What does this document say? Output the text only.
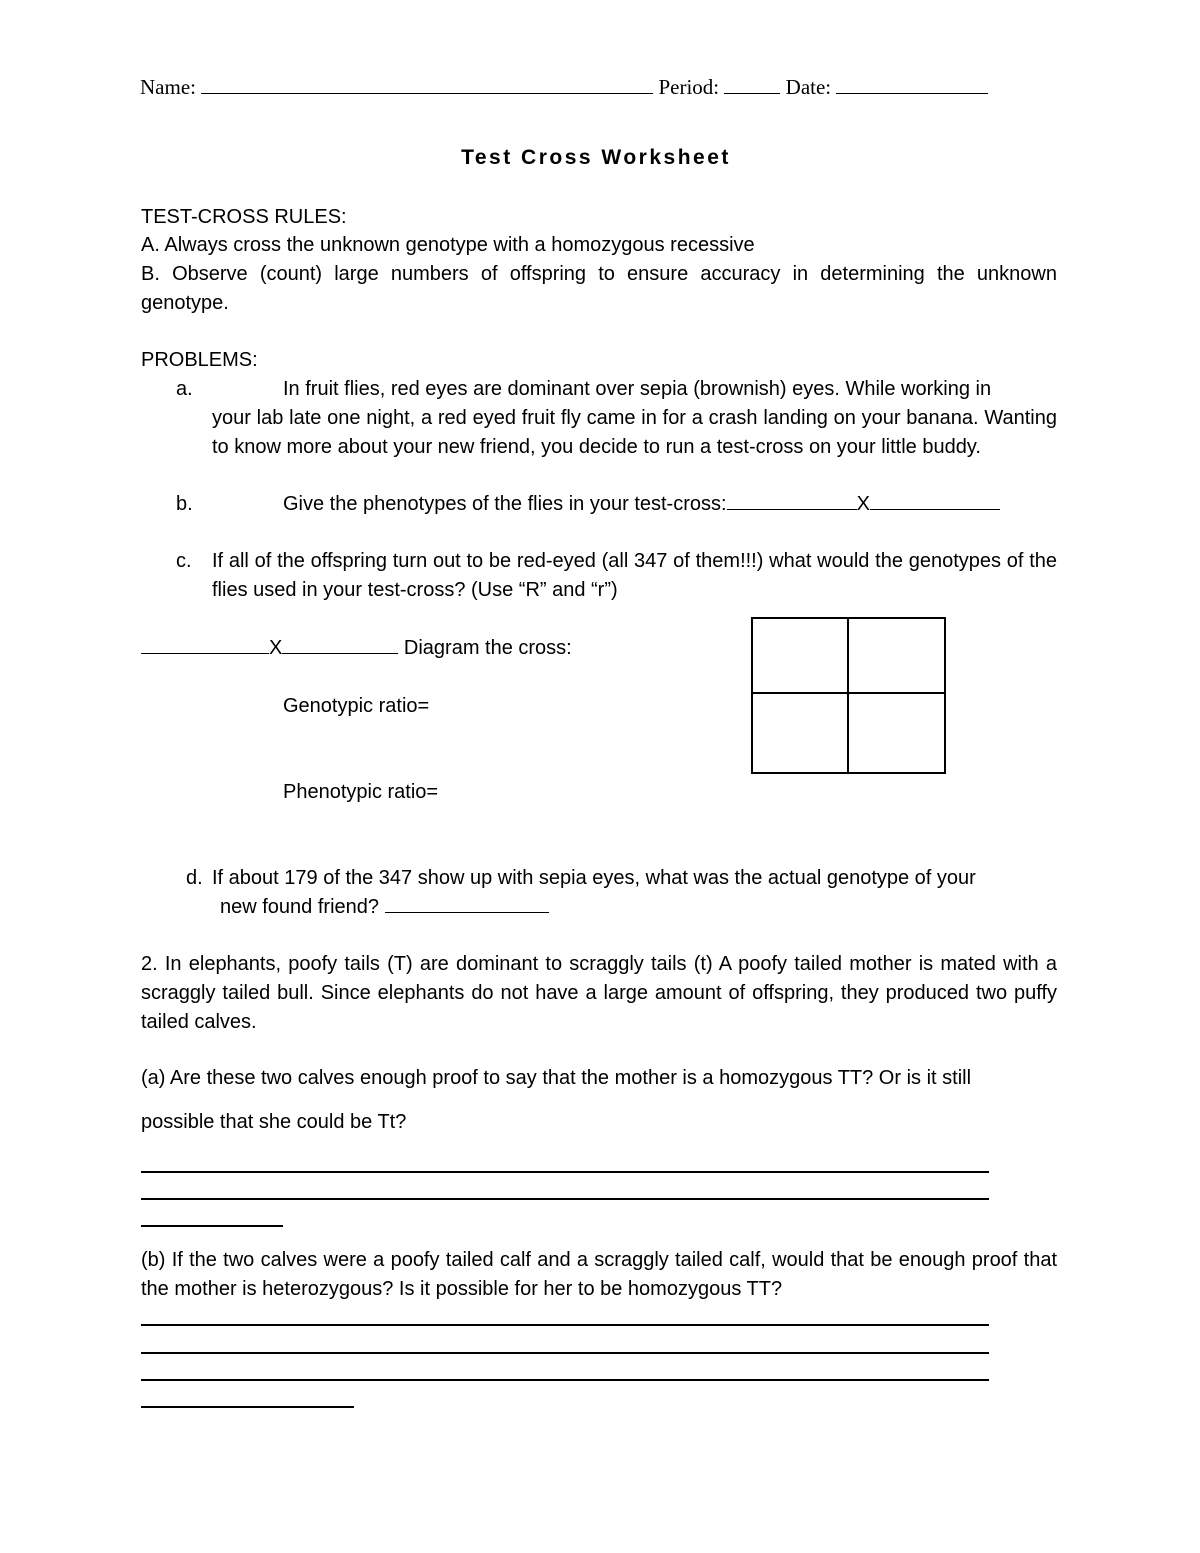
Name:	Period:	Date:
Test Cross Worksheet
TEST-CROSS RULES:
A. Always cross the unknown genotype with a homozygous recessive
B. Observe (count) large numbers of offspring to ensure accuracy in determining the unknown genotype.
PROBLEMS:
a.	In fruit flies, red eyes are dominant over sepia (brownish) eyes. While working in
your lab late one night, a red eyed fruit fly came in for a crash landing on your banana. Wanting to know more about your new friend, you decide to run a test-cross on your little buddy.
b.	Give the phenotypes of the flies in your test-cross:	X
c. If all of the offspring turn out to be red-eyed (all 347 of them!!!) what would the genotypes of the flies used in your test-cross? (Use “R” and “r”)
X	Diagram the cross:
Genotypic ratio=
Phenotypic ratio=
d. If about 179 of the 347 show up with sepia eyes, what was the actual genotype of your
new found friend?
2. In elephants, poofy tails (T) are dominant to scraggly tails (t) A poofy tailed mother is mated with a scraggly tailed bull. Since elephants do not have a large amount of offspring, they produced two puffy tailed calves.
(a) Are these two calves enough proof to say that the mother is a homozygous TT? Or is it still
possible that she could be Tt?
(b) If the two calves were a poofy tailed calf and a scraggly tailed calf, would that be enough proof that the mother is heterozygous? Is it possible for her to be homozygous TT?
